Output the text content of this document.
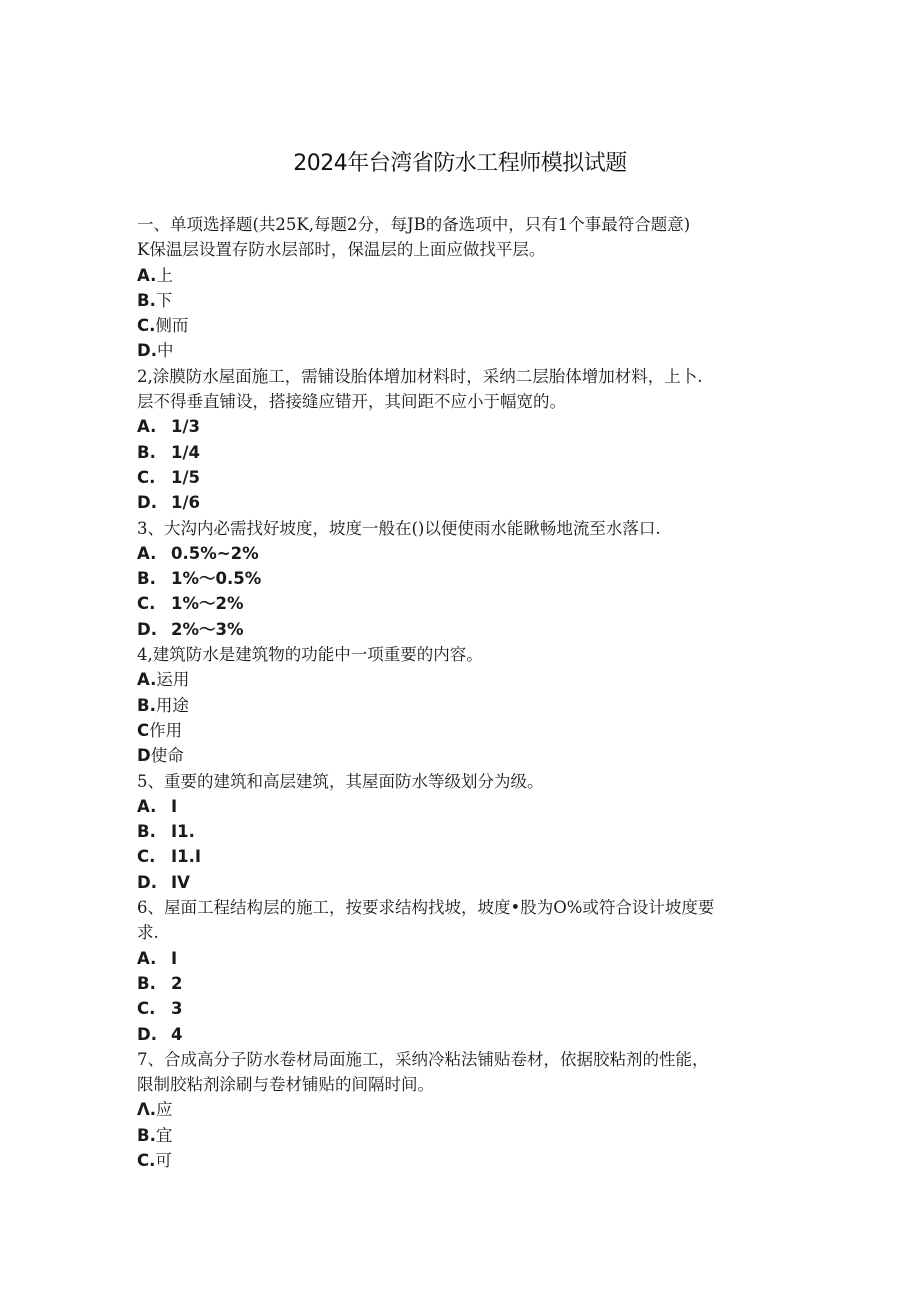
2024年台湾省防水工程师模拟试题
一、单项选择题(共25K,每题2分，每JB的备选项中，只有1个事最符合题意)
K保温层设置存防水层部时，保温层的上面应做找平层。
A.上
B.下
C.侧而
D.中
2,涂膜防水屋面施工，需铺设胎体增加材料时，采纳二层胎体增加材料，上卜.
层不得垂直铺设，搭接缝应错开，其间距不应小于幅宽的。
A. 1/3
B. 1/4
C. 1/5
D. 1/6
3、大沟内必需找好坡度，坡度一般在()以便使雨水能瞅畅地流至水落口.
A. 0.5%~2%
B. 1%〜0.5%
C. 1%〜2%
D. 2%〜3%
4,建筑防水是建筑物的功能中一项重要的内容。
A.运用
B.用途
C作用
D使命
5、重要的建筑和高层建筑，其屋面防水等级划分为级。
A. I
B. I1.
C. I1.I
D. IV
6、屋面工程结构层的施工，按要求结构找坡，坡度•股为O%或符合设计坡度要
求.
A. I
B. 2
C. 3
D. 4
7、合成高分子防水卷材局面施工，采纳冷粘法铺贴卷材，依据胶粘剂的性能，
限制胶粘剂涂刷与卷材铺贴的间隔时间。
Λ.应
B.宜
C.可
